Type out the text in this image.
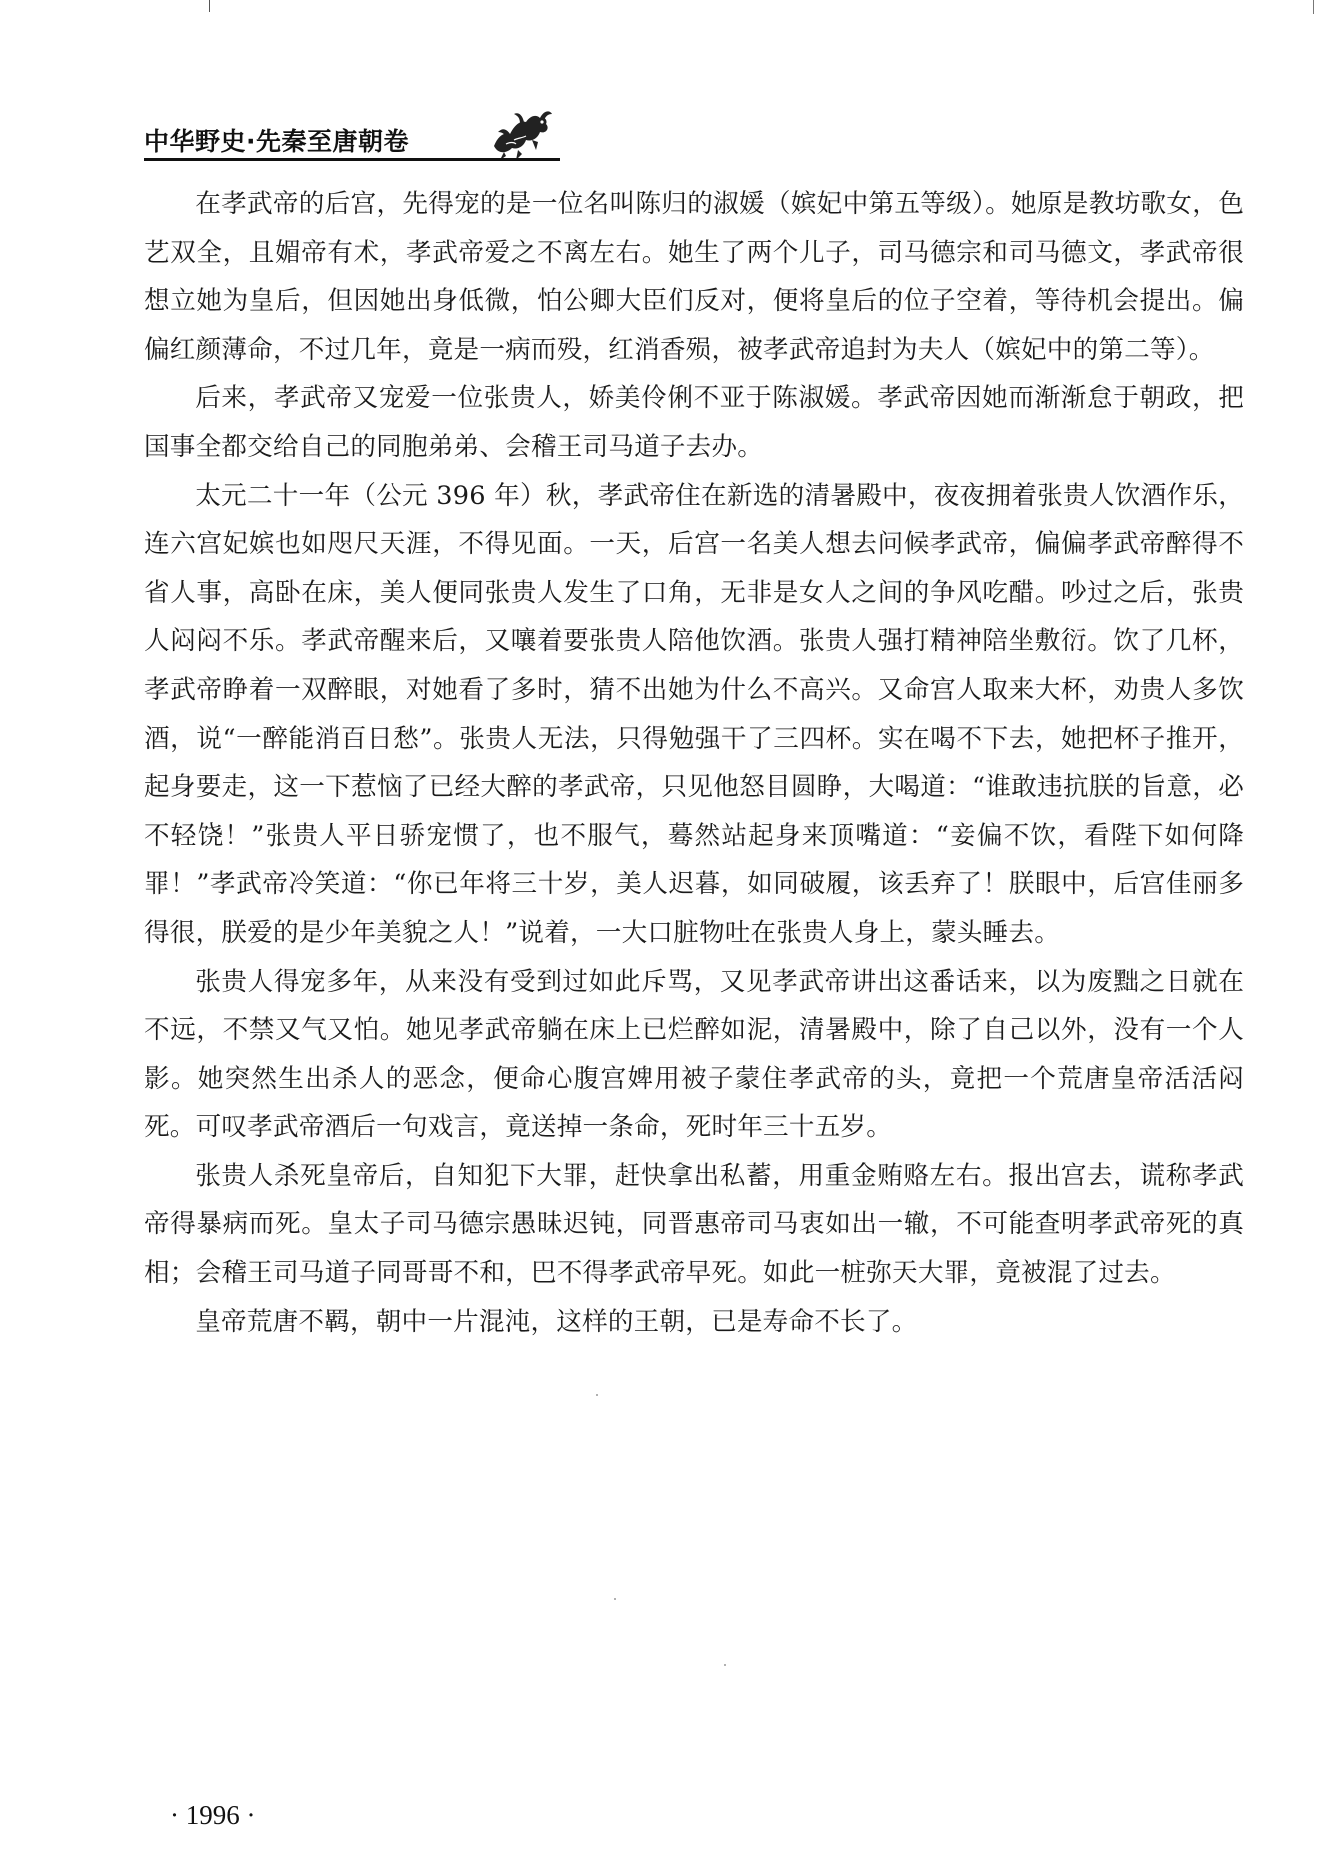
中华野史·先秦至唐朝卷

在孝武帝的后宫，先得宠的是一位名叫陈归的淑媛（嫔妃中第五等级）。她原是教坊歌女，色艺双全，且媚帝有术，孝武帝爱之不离左右。她生了两个儿子，司马德宗和司马德文，孝武帝很想立她为皇后，但因她出身低微，怕公卿大臣们反对，便将皇后的位子空着，等待机会提出。偏偏红颜薄命，不过几年，竟是一病而殁，红消香殒，被孝武帝追封为夫人（嫔妃中的第二等）。

后来，孝武帝又宠爱一位张贵人，娇美伶俐不亚于陈淑媛。孝武帝因她而渐渐怠于朝政，把国事全都交给自己的同胞弟弟、会稽王司马道子去办。

太元二十一年（公元 396 年）秋，孝武帝住在新选的清暑殿中，夜夜拥着张贵人饮酒作乐，连六宫妃嫔也如咫尺天涯，不得见面。一天，后宫一名美人想去问候孝武帝，偏偏孝武帝醉得不省人事，高卧在床，美人便同张贵人发生了口角，无非是女人之间的争风吃醋。吵过之后，张贵人闷闷不乐。孝武帝醒来后，又嚷着要张贵人陪他饮酒。张贵人强打精神陪坐敷衍。饮了几杯，孝武帝睁着一双醉眼，对她看了多时，猜不出她为什么不高兴。又命宫人取来大杯，劝贵人多饮酒，说“一醉能消百日愁”。张贵人无法，只得勉强干了三四杯。实在喝不下去，她把杯子推开，起身要走，这一下惹恼了已经大醉的孝武帝，只见他怒目圆睁，大喝道：“谁敢违抗朕的旨意，必不轻饶！”张贵人平日骄宠惯了，也不服气，蓦然站起身来顶嘴道：“妾偏不饮，看陛下如何降罪！”孝武帝冷笑道：“你已年将三十岁，美人迟暮，如同破履，该丢弃了！朕眼中，后宫佳丽多得很，朕爱的是少年美貌之人！”说着，一大口脏物吐在张贵人身上，蒙头睡去。

张贵人得宠多年，从来没有受到过如此斥骂，又见孝武帝讲出这番话来，以为废黜之日就在不远，不禁又气又怕。她见孝武帝躺在床上已烂醉如泥，清暑殿中，除了自己以外，没有一个人影。她突然生出杀人的恶念，便命心腹宫婢用被子蒙住孝武帝的头，竟把一个荒唐皇帝活活闷死。可叹孝武帝酒后一句戏言，竟送掉一条命，死时年三十五岁。

张贵人杀死皇帝后，自知犯下大罪，赶快拿出私蓄，用重金贿赂左右。报出宫去，谎称孝武帝得暴病而死。皇太子司马德宗愚昧迟钝，同晋惠帝司马衷如出一辙，不可能查明孝武帝死的真相；会稽王司马道子同哥哥不和，巴不得孝武帝早死。如此一桩弥天大罪，竟被混了过去。

皇帝荒唐不羁，朝中一片混沌，这样的王朝，已是寿命不长了。

· 1996 ·
